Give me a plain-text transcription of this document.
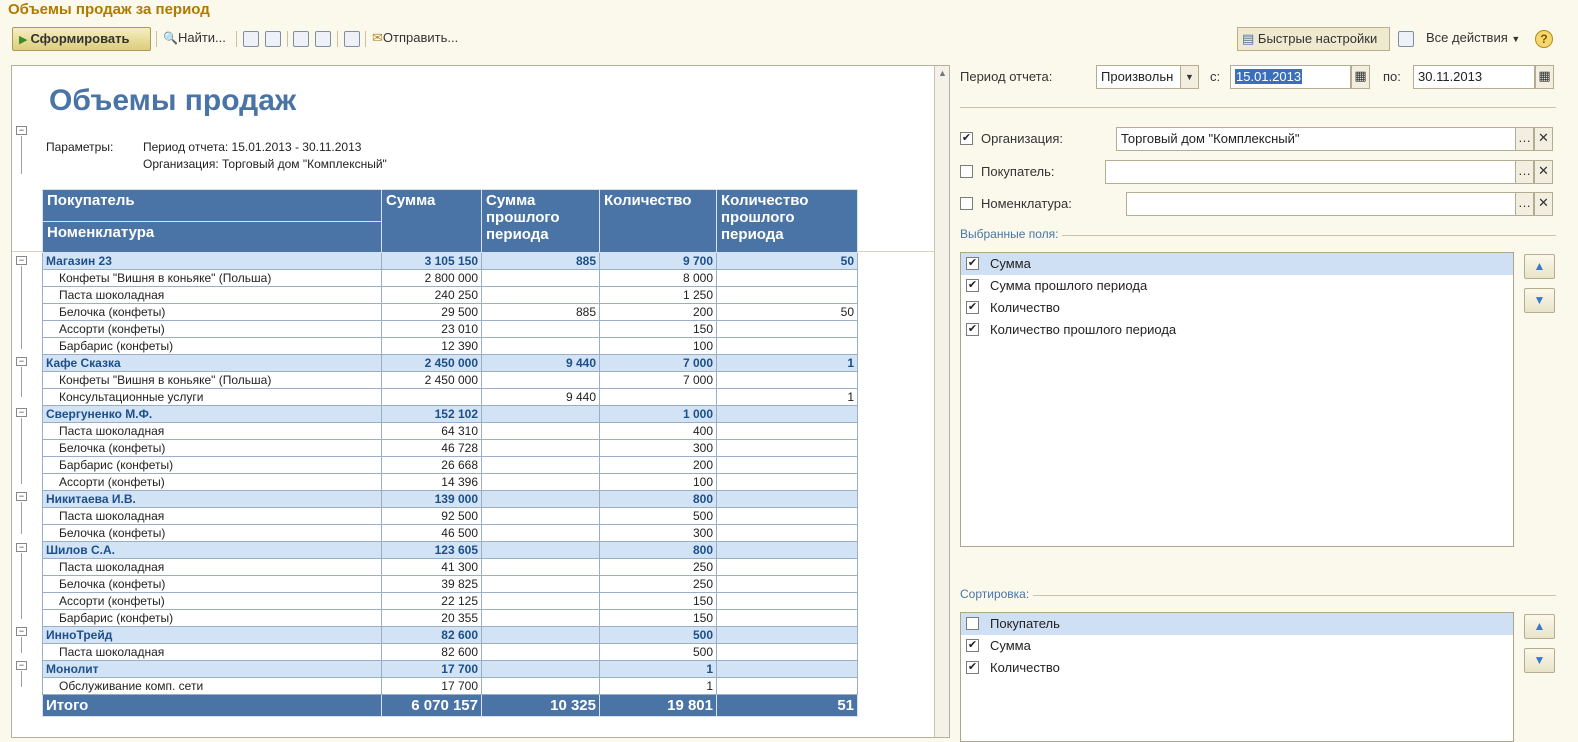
Объемы продаж за период
▶ Сформировать	🔍Найти...	✉Отправить...	▤ Быстрые настройки	Все действия ▼	?
−
−
−
−
−
−
−
−
Объемы продаж
Параметры: Период отчета: 15.01.2013 - 30.11.2013
Организация: Торговый дом "Комплексный"
Покупатель	Сумма	Сумма прошлого периода	Количество	Количество прошлого периода
Номенклатура				
Магазин 23	3 105 150	885	9 700	50
Конфеты "Вишня в коньяке" (Польша)	2 800 000		8 000	
Паста шоколадная	240 250		1 250	
Белочка (конфеты)	29 500	885	200	50
Ассорти (конфеты)	23 010		150	
Барбарис (конфеты)	12 390		100	
Кафе Сказка	2 450 000	9 440	7 000	1
Конфеты "Вишня в коньяке" (Польша)	2 450 000		7 000	
Консультационные услуги		9 440		1
Свергуненко М.Ф.	152 102		1 000	
Паста шоколадная	64 310		400	
Белочка (конфеты)	46 728		300	
Барбарис (конфеты)	26 668		200	
Ассорти (конфеты)	14 396		100	
Никитаева И.В.	139 000		800	
Паста шоколадная	92 500		500	
Белочка (конфеты)	46 500		300	
Шилов С.А.	123 605		800	
Паста шоколадная	41 300		250	
Белочка (конфеты)	39 825		250	
Ассорти (конфеты)	22 125		150	
Барбарис (конфеты)	20 355		150	
ИнноТрейд	82 600		500	
Паста шоколадная	82 600		500	
Монолит	17 700		1	
Обслуживание комп. сети	17 700		1	
Итого	6 070 157	10 325	19 801	51
▲ Период отчета:	Произвольн	▼	с:	15.01.2013	▦ по:	30.11.2013	▦
✔ Организация:	Торговый дом "Комплексный"	… ✕
Покупатель:	… ✕
Номенклатура:	… ✕
Выбранные поля:
✔ Сумма
✔ Сумма прошлого периода
✔ Количество
✔ Количество прошлого периода
▲
▼
Сортировка:
Покупатель
✔ Сумма
✔ Количество
▲
▼
